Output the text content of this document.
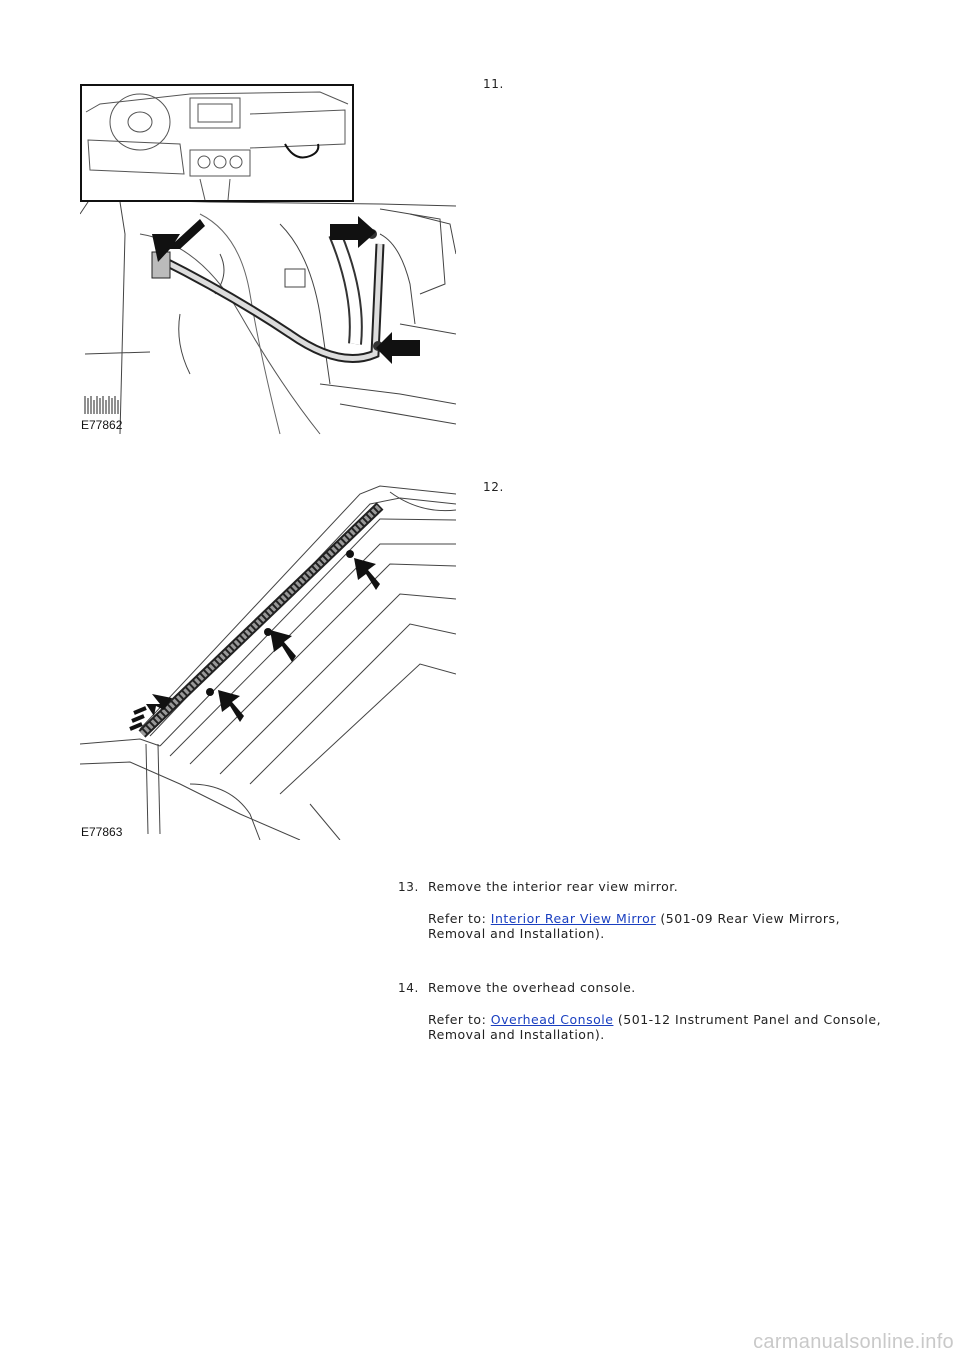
11.
E77862
12.
E77863
13. Remove the interior rear view mirror.

Refer to: Interior Rear View Mirror (501-09 Rear View Mirrors,
Removal and Installation).

14. Remove the overhead console.

Refer to: Overhead Console (501-12 Instrument Panel and Console,
Removal and Installation).

carmanualsonline.info
